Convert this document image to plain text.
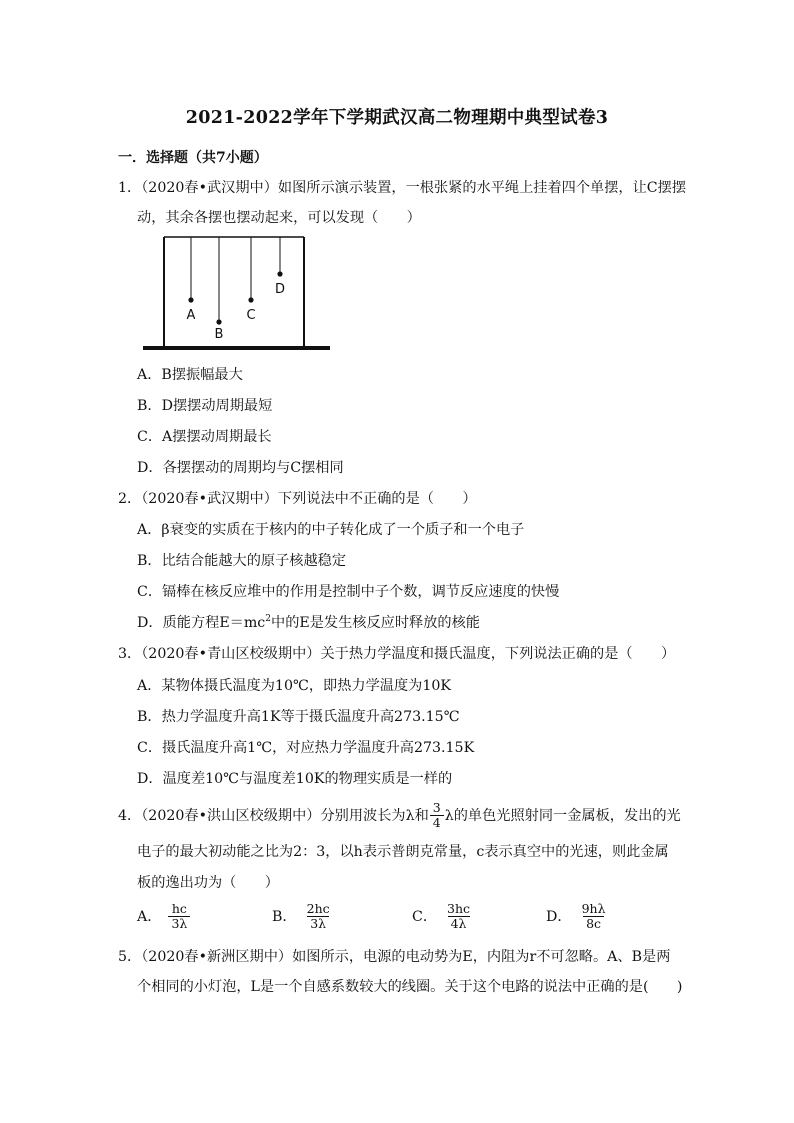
2021-2022学年下学期武汉高二物理期中典型试卷3
一．选择题（共7小题）
1．（2020春•武汉期中）如图所示演示装置，一根张紧的水平绳上挂着四个单摆，让C摆摆
动，其余各摆也摆动起来，可以发现（　　）
A
B
C
D
A．B摆振幅最大
B．D摆摆动周期最短
C．A摆摆动周期最长
D．各摆摆动的周期均与C摆相同
2．（2020春•武汉期中）下列说法中不正确的是（　　）
A．β衰变的实质在于核内的中子转化成了一个质子和一个电子
B．比结合能越大的原子核越稳定
C．镉棒在核反应堆中的作用是控制中子个数，调节反应速度的快慢
D．质能方程$E=mc^2$中的E是发生核反应时释放的核能
3．（2020春•青山区校级期中）关于热力学温度和摄氏温度，下列说法正确的是（　　）
A．某物体摄氏温度为10℃，即热力学温度为10K
B．热力学温度升高1K等于摄氏温度升高273.15℃
C．摄氏温度升高1℃，对应热力学温度升高273.15K
D．温度差10℃与温度差10K的物理实质是一样的
4．（2020春•洪山区校级期中）分别用波长为λ和 $\frac{3}{4}$ λ的单色光照射同一金属板，发出的光
电子的最大初动能之比为2：3，以h表示普朗克常量，c表示真空中的光速，则此金属
板的逸出功为（　　）
A． $\frac{hc}{3\lambda}$	B． $\frac{2hc}{3\lambda}$	C． $\frac{3hc}{4\lambda}$	D． $\frac{9h\lambda}{8c}$
5．（2020春•新洲区期中）如图所示，电源的电动势为E，内阻为r不可忽略。A、B是两
个相同的小灯泡，L是一个自感系数较大的线圈。关于这个电路的说法中正确的是(　　)
